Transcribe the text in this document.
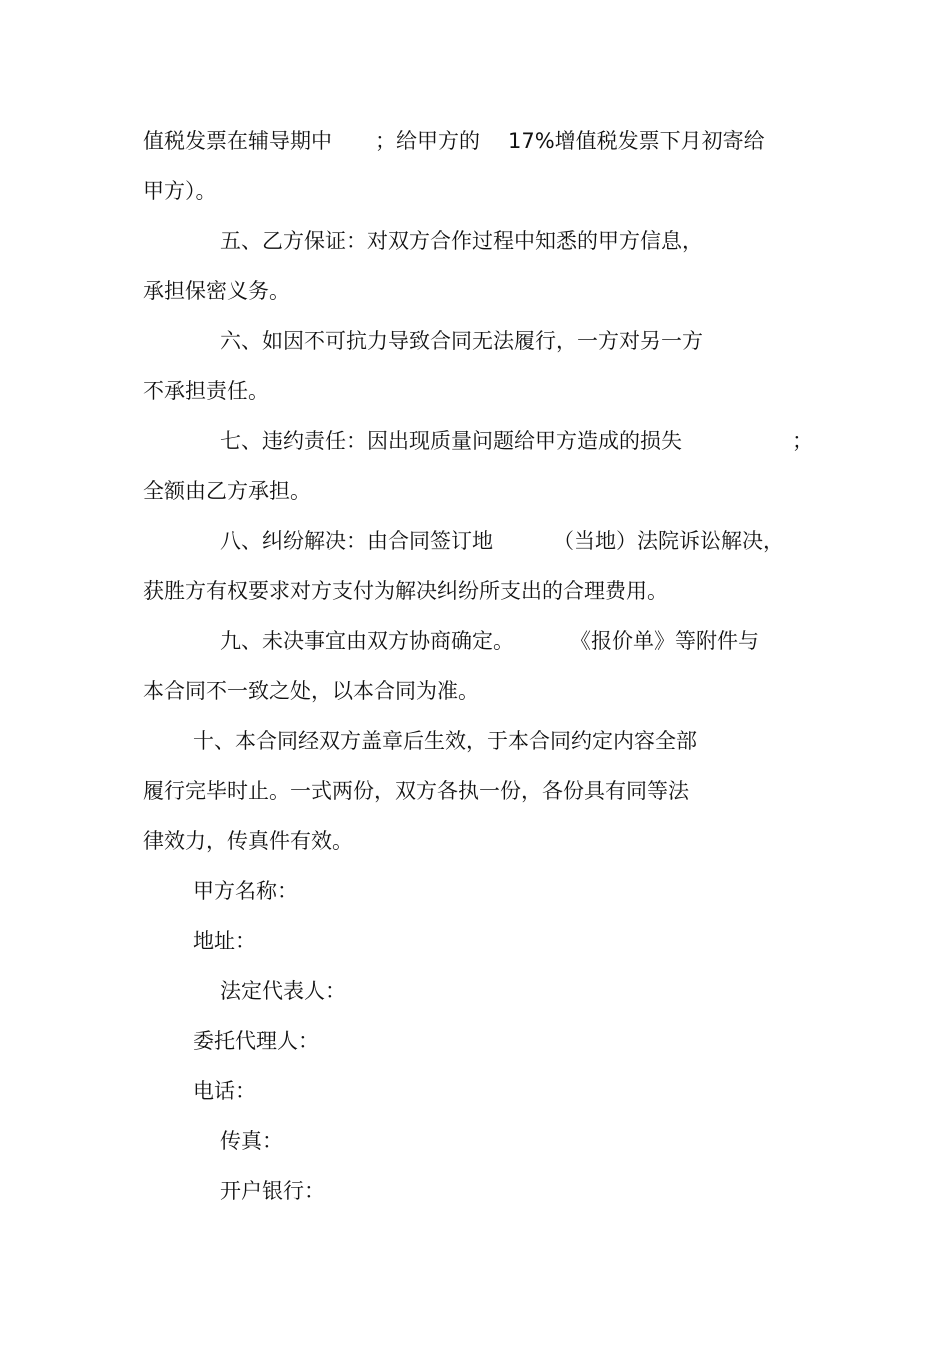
值税发票在辅导期中

；给甲方的

17%增值税发票下月初寄给

甲方）。
五、乙方保证：对双方合作过程中知悉的甲方信息，
承担保密义务。
六、如因不可抗力导致合同无法履行，一方对另一方
不承担责任。

七、违约责任：因出现质量问题给甲方造成的损失

	；

全额由乙方承担。

八、纠纷解决：由合同签订地

	（当地）法院诉讼解决，

获胜方有权要求对方支付为解决纠纷所支出的合理费用。

九、未决事宜由双方协商确定。

	《报价单》等附件与

本合同不一致之处，以本合同为准。
十、本合同经双方盖章后生效，于本合同约定内容全部
履行完毕时止。一式两份，双方各执一份，各份具有同等法
律效力，传真件有效。
甲方名称：
地址：
法定代表人：
委托代理人：
电话：
传真：
开户银行：
